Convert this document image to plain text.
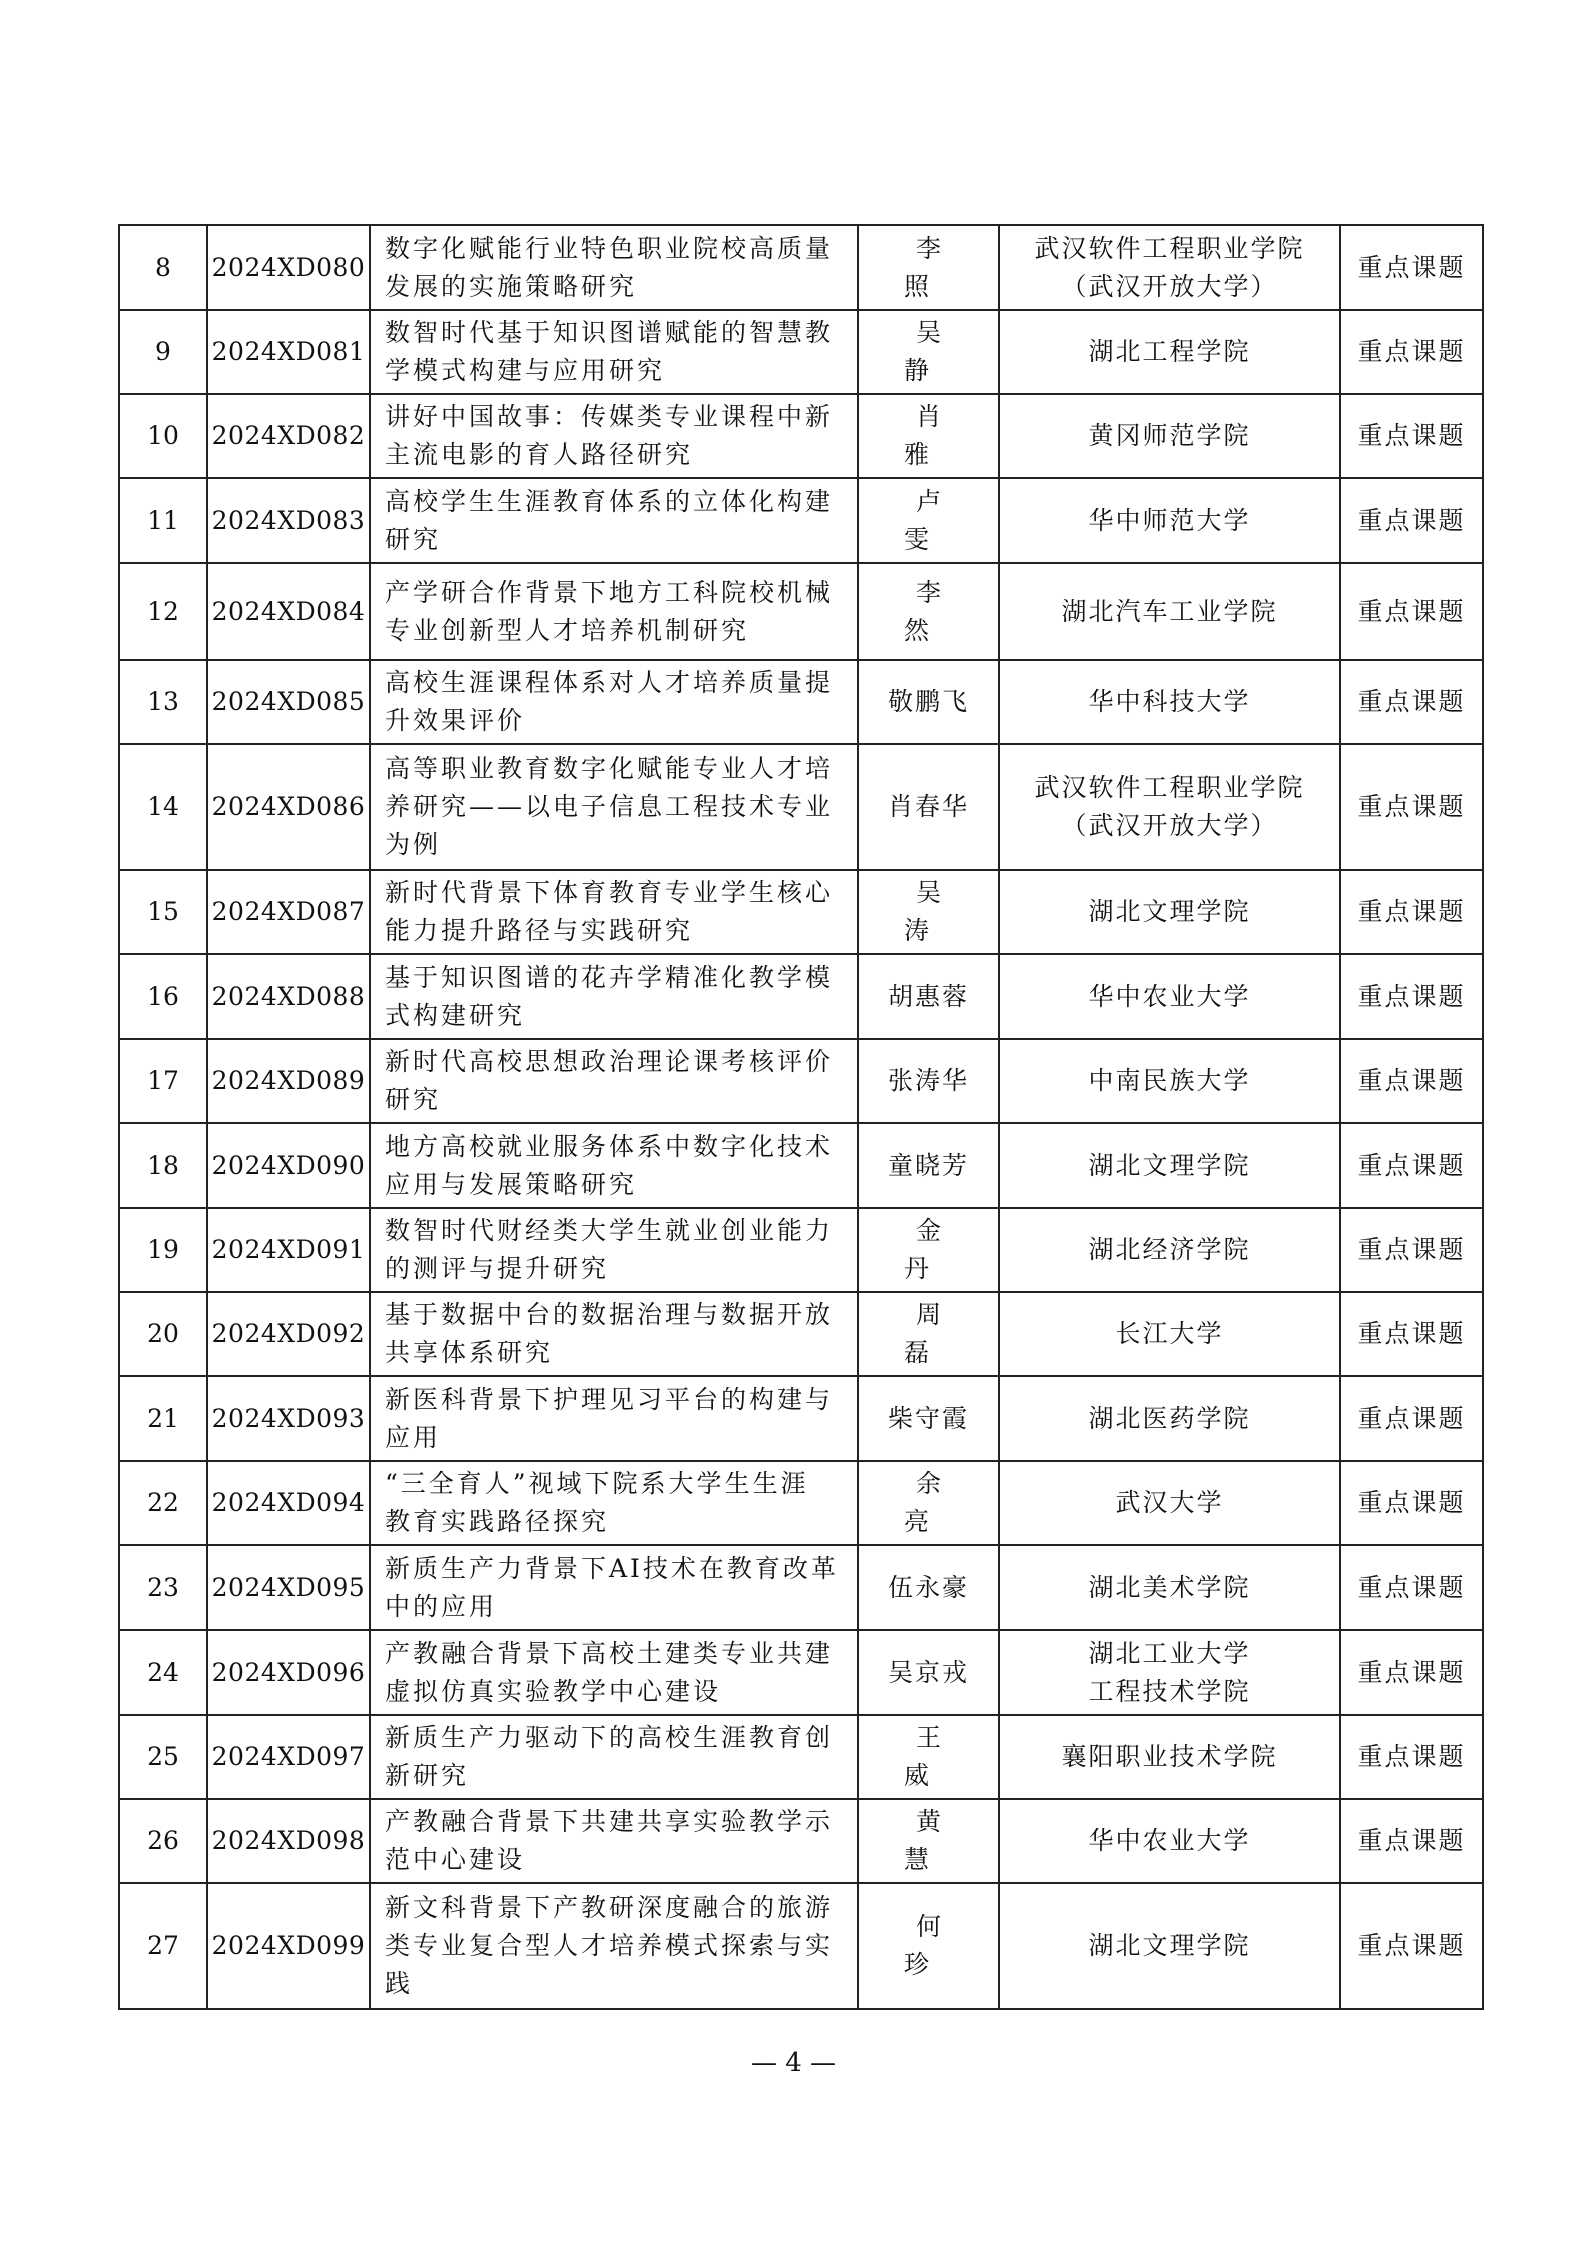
8	2024XD080	数字化赋能行业特色职业院校高质量
发展的实施策略研究	李 照	武汉软件工程职业学院
（武汉开放大学）	重点课题
9	2024XD081	数智时代基于知识图谱赋能的智慧教
学模式构建与应用研究	吴 静	湖北工程学院	重点课题
10	2024XD082	讲好中国故事：传媒类专业课程中新
主流电影的育人路径研究	肖 雅	黄冈师范学院	重点课题
11	2024XD083	高校学生生涯教育体系的立体化构建
研究	卢 雯	华中师范大学	重点课题
12	2024XD084	产学研合作背景下地方工科院校机械
专业创新型人才培养机制研究	李 然	湖北汽车工业学院	重点课题
13	2024XD085	高校生涯课程体系对人才培养质量提
升效果评价	敬鹏飞	华中科技大学	重点课题
14	2024XD086	高等职业教育数字化赋能专业人才培
养研究——以电子信息工程技术专业
为例	肖春华	武汉软件工程职业学院
（武汉开放大学）	重点课题
15	2024XD087	新时代背景下体育教育专业学生核心
能力提升路径与实践研究	吴 涛	湖北文理学院	重点课题
16	2024XD088	基于知识图谱的花卉学精准化教学模
式构建研究	胡惠蓉	华中农业大学	重点课题
17	2024XD089	新时代高校思想政治理论课考核评价
研究	张涛华	中南民族大学	重点课题
18	2024XD090	地方高校就业服务体系中数字化技术
应用与发展策略研究	童晓芳	湖北文理学院	重点课题
19	2024XD091	数智时代财经类大学生就业创业能力
的测评与提升研究	金 丹	湖北经济学院	重点课题
20	2024XD092	基于数据中台的数据治理与数据开放
共享体系研究	周 磊	长江大学	重点课题
21	2024XD093	新医科背景下护理见习平台的构建与
应用	柴守霞	湖北医药学院	重点课题
22	2024XD094	“三全育人”视域下院系大学生生涯
教育实践路径探究	余 亮	武汉大学	重点课题
23	2024XD095	新质生产力背景下AI技术在教育改革
中的应用	伍永豪	湖北美术学院	重点课题
24	2024XD096	产教融合背景下高校土建类专业共建
虚拟仿真实验教学中心建设	吴京戎	湖北工业大学
工程技术学院	重点课题
25	2024XD097	新质生产力驱动下的高校生涯教育创
新研究	王 威	襄阳职业技术学院	重点课题
26	2024XD098	产教融合背景下共建共享实验教学示
范中心建设	黄 慧	华中农业大学	重点课题
27	2024XD099	新文科背景下产教研深度融合的旅游
类专业复合型人才培养模式探索与实
践	何 珍	湖北文理学院	重点课题
— 4 —
